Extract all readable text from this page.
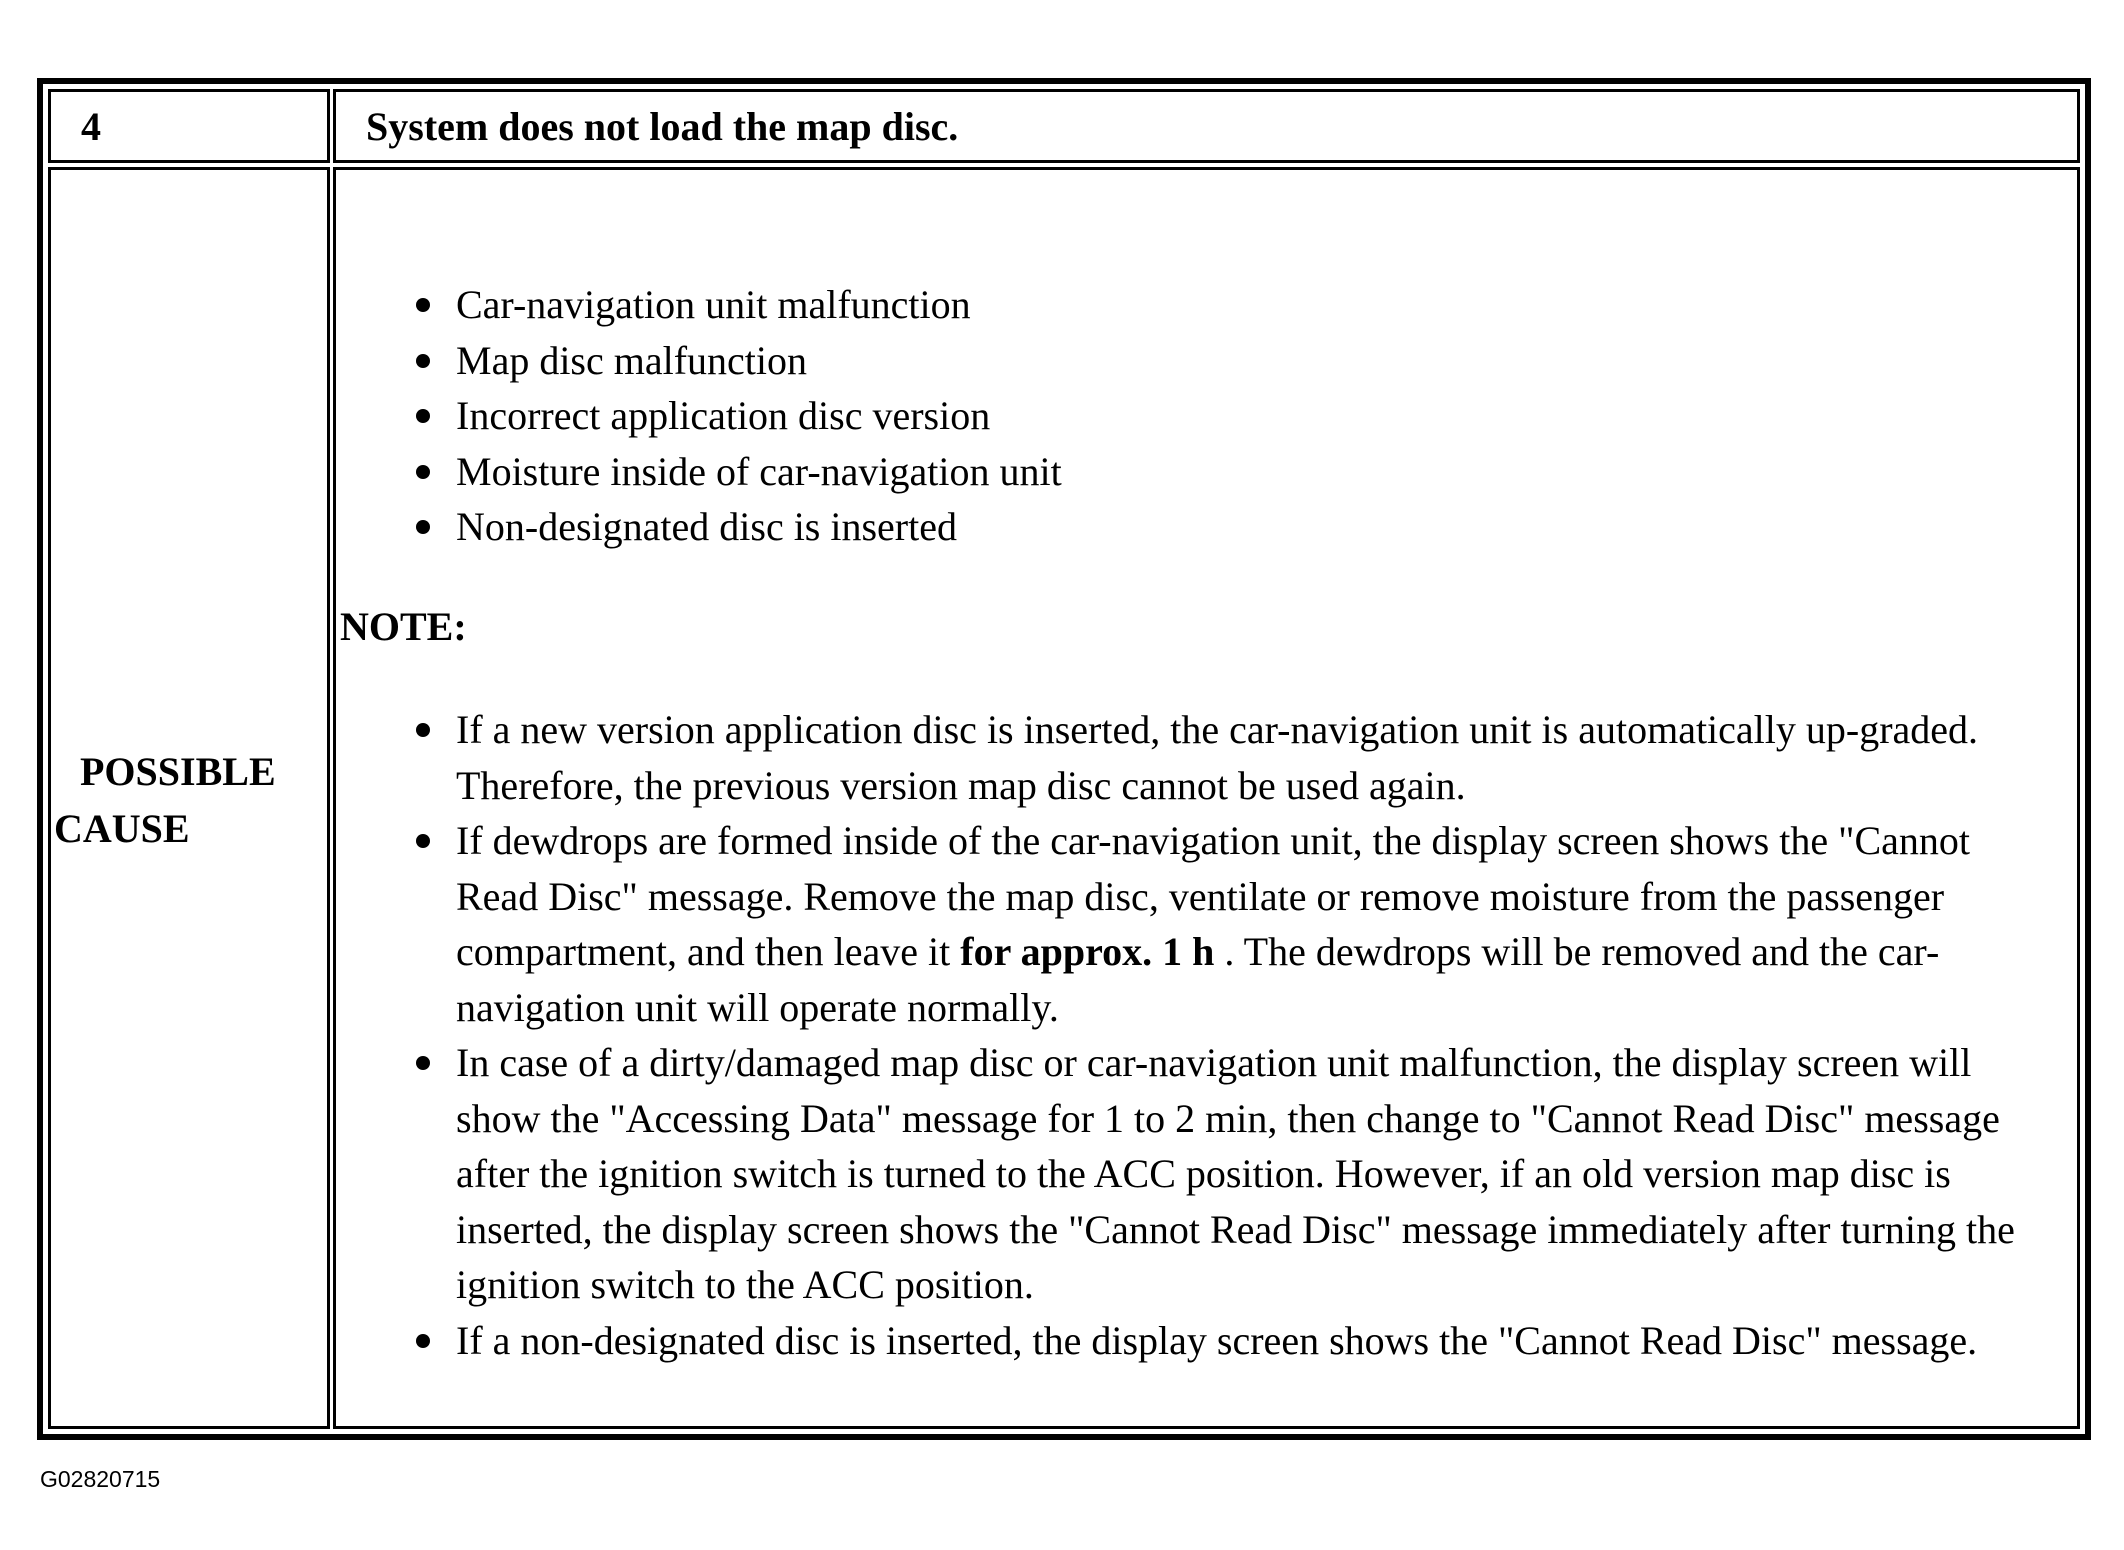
4	System does not load the map disc.
POSSIBLE
CAUSE
Car-navigation unit malfunction
Map disc malfunction
Incorrect application disc version
Moisture inside of car-navigation unit
Non-designated disc is inserted
NOTE:
If a new version application disc is inserted, the car-navigation unit is automatically up-graded. Therefore, the previous version map disc cannot be used again.
If dewdrops are formed inside of the car-navigation unit, the display screen shows the "Cannot Read Disc" message. Remove the map disc, ventilate or remove moisture from the passenger compartment, and then leave it for approx. 1 h . The dewdrops will be removed and the car-navigation unit will operate normally.
In case of a dirty/damaged map disc or car-navigation unit malfunction, the display screen will show the "Accessing Data" message for 1 to 2 min, then change to "Cannot Read Disc" message after the ignition switch is turned to the ACC position. However, if an old version map disc is inserted, the display screen shows the "Cannot Read Disc" message immediately after turning the ignition switch to the ACC position.
If a non-designated disc is inserted, the display screen shows the "Cannot Read Disc" message.
G02820715
